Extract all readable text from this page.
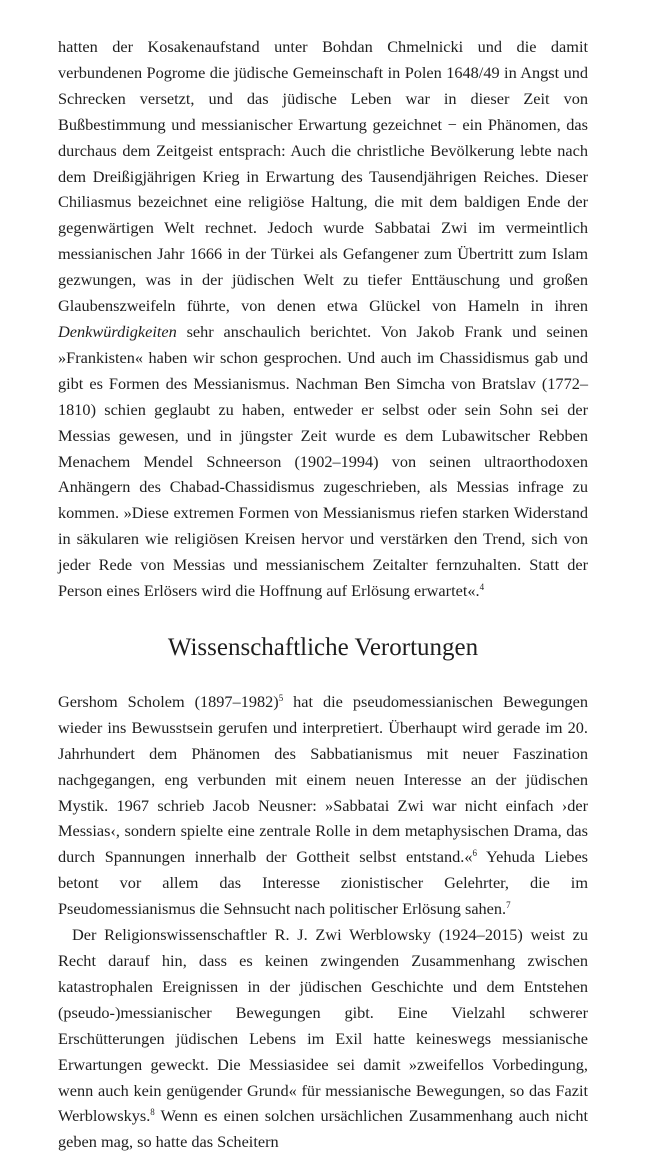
hatten der Kosakenaufstand unter Bohdan Chmelnicki und die damit verbundenen Pogrome die jüdische Gemeinschaft in Polen 1648/49 in Angst und Schrecken versetzt, und das jüdische Leben war in dieser Zeit von Bußbestimmung und messianischer Erwartung gezeichnet − ein Phänomen, das durchaus dem Zeitgeist entsprach: Auch die christliche Bevölkerung lebte nach dem Dreißigjährigen Krieg in Erwartung des Tausendjährigen Reiches. Dieser Chiliasmus bezeichnet eine religiöse Haltung, die mit dem baldigen Ende der gegenwärtigen Welt rechnet. Jedoch wurde Sabbatai Zwi im vermeintlich messianischen Jahr 1666 in der Türkei als Gefangener zum Übertritt zum Islam gezwungen, was in der jüdischen Welt zu tiefer Enttäuschung und großen Glaubenszweifeln führte, von denen etwa Glückel von Hameln in ihren Denkwürdigkeiten sehr anschaulich berichtet. Von Jakob Frank und seinen »Frankisten« haben wir schon gesprochen. Und auch im Chassidismus gab und gibt es Formen des Messianismus. Nachman Ben Simcha von Bratslav (1772–1810) schien geglaubt zu haben, entweder er selbst oder sein Sohn sei der Messias gewesen, und in jüngster Zeit wurde es dem Lubawitscher Rebben Menachem Mendel Schneerson (1902–1994) von seinen ultraorthodoxen Anhängern des Chabad-Chassidismus zugeschrieben, als Messias infrage zu kommen. »Diese extremen Formen von Messianismus riefen starken Widerstand in säkularen wie religiösen Kreisen hervor und verstärken den Trend, sich von jeder Rede von Messias und messianischem Zeitalter fernzuhalten. Statt der Person eines Erlösers wird die Hoffnung auf Erlösung erwartet«.$^4$

Wissenschaftliche Verortungen

Gershom Scholem (1897–1982)$^5$ hat die pseudomessianischen Bewegungen wieder ins Bewusstsein gerufen und interpretiert. Überhaupt wird gerade im 20. Jahrhundert dem Phänomen des Sabbatianismus mit neuer Faszination nachgegangen, eng verbunden mit einem neuen Interesse an der jüdischen Mystik. 1967 schrieb Jacob Neusner: »Sabbatai Zwi war nicht einfach ›der Messias‹, sondern spielte eine zentrale Rolle in dem metaphysischen Drama, das durch Spannungen innerhalb der Gottheit selbst entstand.«$^6$ Yehuda Liebes betont vor allem das Interesse zionistischer Gelehrter, die im Pseudomessianismus die Sehnsucht nach politischer Erlösung sahen.$^7$

Der Religionswissenschaftler R. J. Zwi Werblowsky (1924–2015) weist zu Recht darauf hin, dass es keinen zwingenden Zusammenhang zwischen katastrophalen Ereignissen in der jüdischen Geschichte und dem Entstehen (pseudo-)messianischer Bewegungen gibt. Eine Vielzahl schwerer Erschütterungen jüdischen Lebens im Exil hatte keineswegs messianische Erwartungen geweckt. Die Messiasidee sei damit »zweifellos Vorbedingung, wenn auch kein genügender Grund« für messianische Bewegungen, so das Fazit Werblowskys.$^8$ Wenn es einen solchen ursächlichen Zusammenhang auch nicht geben mag, so hatte das Scheitern
